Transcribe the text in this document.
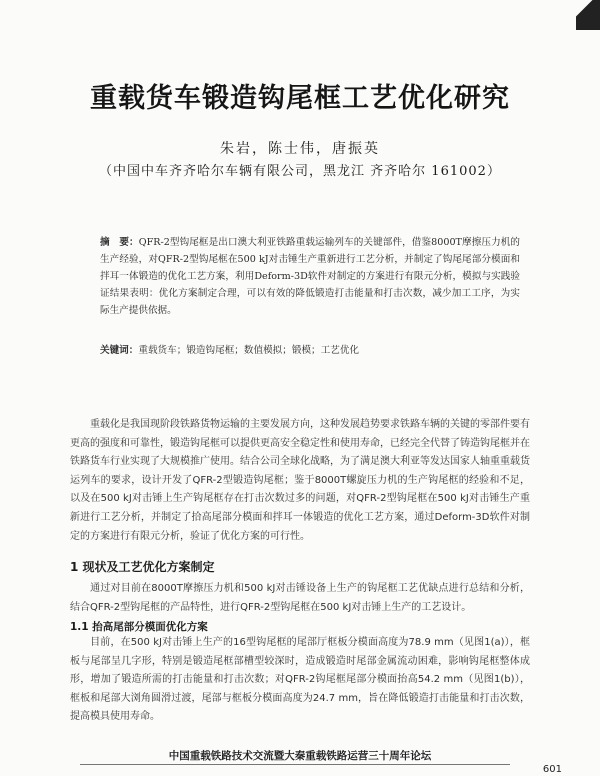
重载货车锻造钩尾框工艺优化研究
朱岩，陈士伟，唐振英
（中国中车齐齐哈尔车辆有限公司，黑龙江 齐齐哈尔 161002）
摘　要：QFR-2型钩尾框是出口澳大利亚铁路重载运输列车的关键部件，借鉴8000T摩擦压力机的生产经验，对QFR-2型钩尾框在500 kJ对击锤生产重新进行工艺分析，并制定了钩尾尾部分模面和拌耳一体锻造的优化工艺方案，利用Deform-3D软件对制定的方案进行有限元分析，模拟与实践验证结果表明：优化方案制定合理，可以有效的降低锻造打击能量和打击次数，减少加工工序，为实际生产提供依据。
关键词：重载货车；锻造钩尾框；数值模拟；锻模；工艺优化
重载化是我国现阶段铁路货物运输的主要发展方向，这种发展趋势要求铁路车辆的关键的零部件要有更高的强度和可靠性，锻造钩尾框可以提供更高安全稳定性和使用寿命，已经完全代替了铸造钩尾框并在铁路货车行业实现了大规模推广使用。结合公司全球化战略，为了满足澳大利亚等发达国家人轴重重载货运列车的要求，设计开发了QFR-2型锻造钩尾框；鉴于8000T螺旋压力机的生产钩尾框的经验和不足，以及在500 kJ对击锤上生产钩尾框存在打击次数过多的问题，对QFR-2型钩尾框在500 kJ对击锤生产重新进行工艺分析，并制定了拾高尾部分模面和拌耳一体锻造的优化工艺方案，通过Deform-3D软件对制定的方案进行有限元分析，验证了优化方案的可行性。
1 现状及工艺优化方案制定
通过对目前在8000T摩擦压力机和500 kJ对击锤设备上生产的钩尾框工艺优缺点进行总结和分析，结合QFR-2型钩尾框的产品特性，进行QFR-2型钩尾框在500 kJ对击锤上生产的工艺设计。
1.1 抬高尾部分模面优化方案
目前，在500 kJ对击锤上生产的16型钩尾框的尾部厅框板分模面高度为78.9 mm（见图1(a)），框板与尾部呈几字形，特别是锻造尾框部槽型较深时，造成锻造时尾部金属流动困难，影响钩尾框整体成形，增加了锻造所需的打击能量和打击次数；对QFR-2钩尾框尾部分模面抬高54.2 mm（见图1(b)），框板和尾部大浏角圆滑过渡，尾部与框板分模面高度为24.7 mm，旨在降低锻造打击能量和打击次数，提高模具使用寿命。
中国重载铁路技术交流暨大秦重载铁路运营三十周年论坛
601
